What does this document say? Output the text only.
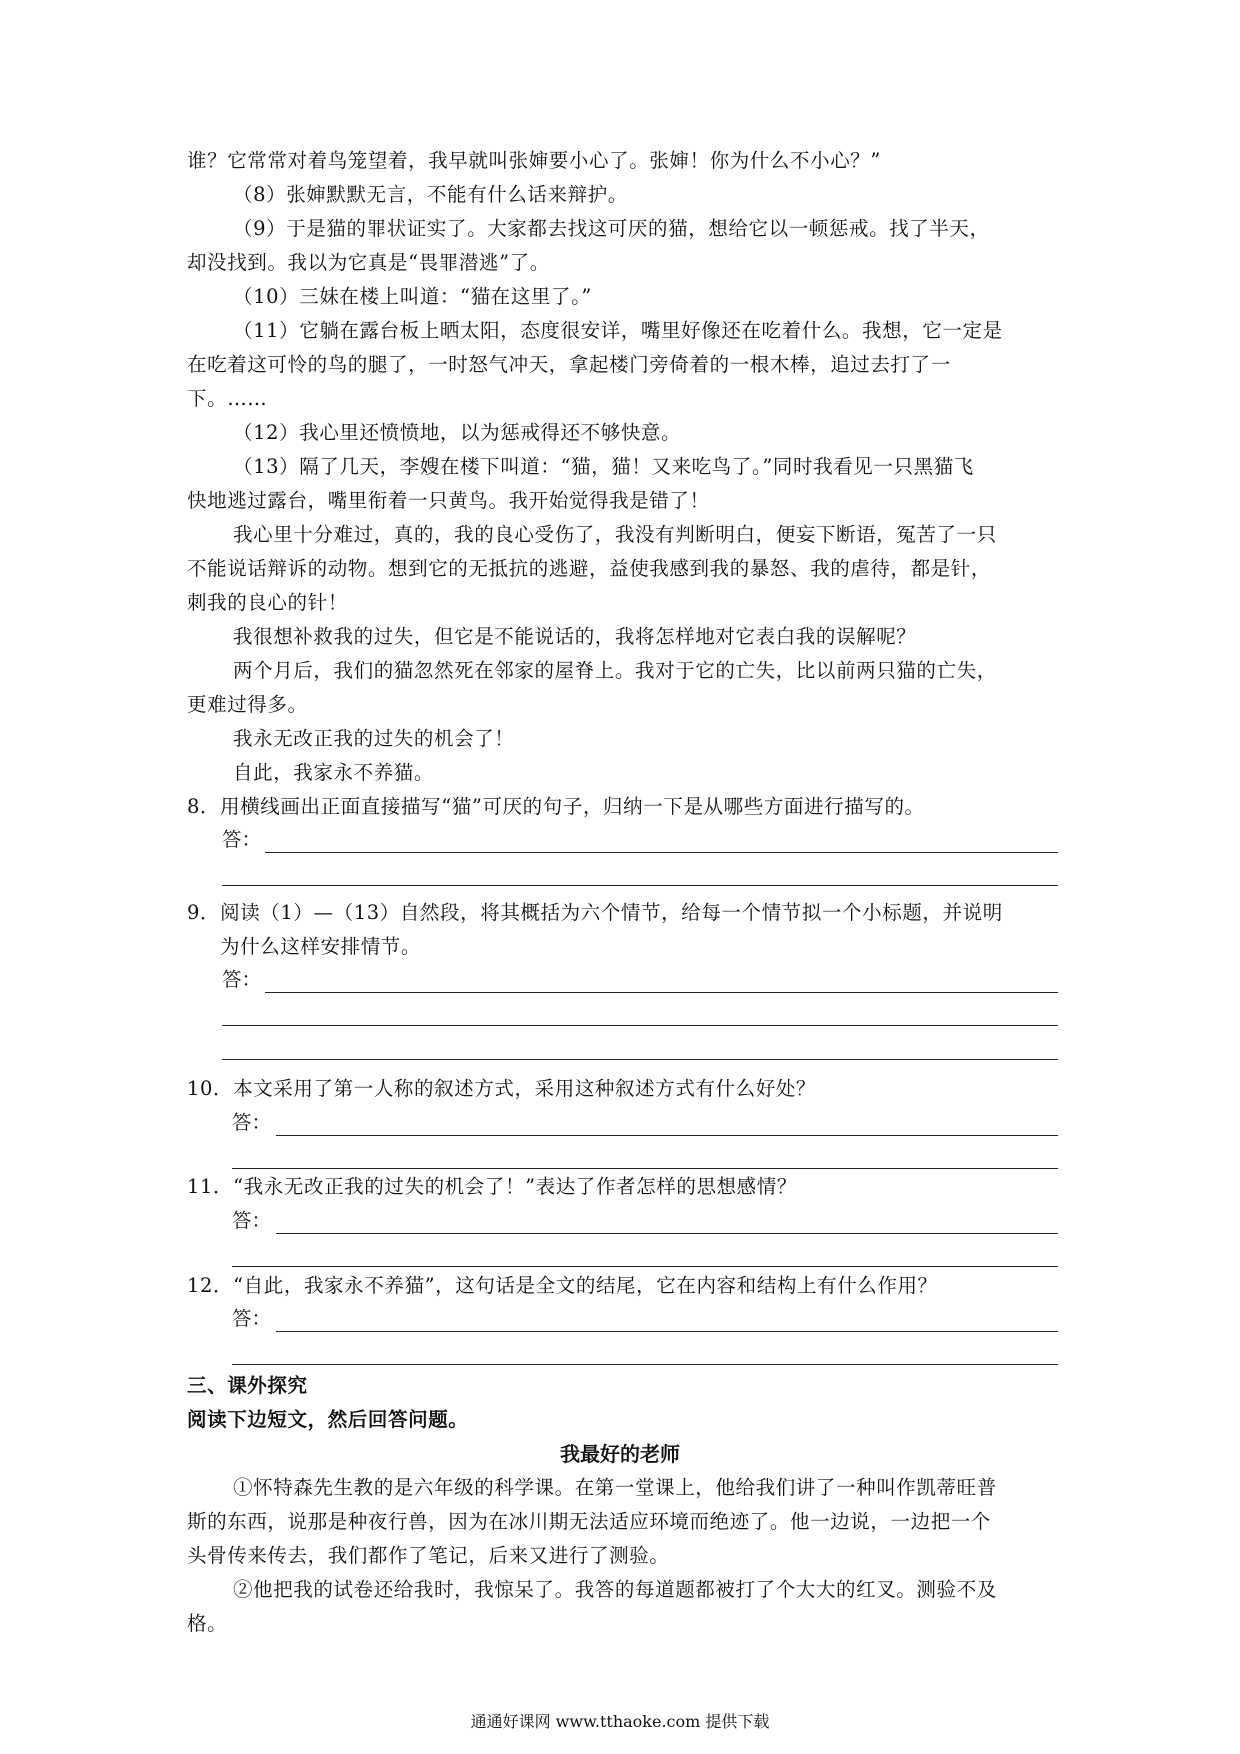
谁？它常常对着鸟笼望着，我早就叫张婶要小心了。张婶！你为什么不小心？”
（8）张婶默默无言，不能有什么话来辩护。
（9）于是猫的罪状证实了。大家都去找这可厌的猫，想给它以一顿惩戒。找了半天，
却没找到。我以为它真是“畏罪潜逃”了。
（10）三妹在楼上叫道：“猫在这里了。”
（11）它躺在露台板上晒太阳，态度很安详，嘴里好像还在吃着什么。我想，它一定是
在吃着这可怜的鸟的腿了，一时怒气冲天，拿起楼门旁倚着的一根木棒，追过去打了一
下。……
（12）我心里还愤愤地，以为惩戒得还不够快意。
（13）隔了几天，李嫂在楼下叫道：“猫，猫！又来吃鸟了。”同时我看见一只黑猫飞
快地逃过露台，嘴里衔着一只黄鸟。我开始觉得我是错了！
我心里十分难过，真的，我的良心受伤了，我没有判断明白，便妄下断语，冤苦了一只
不能说话辩诉的动物。想到它的无抵抗的逃避，益使我感到我的暴怒、我的虐待，都是针，
刺我的良心的针！
我很想补救我的过失，但它是不能说话的，我将怎样地对它表白我的误解呢？
两个月后，我们的猫忽然死在邻家的屋脊上。我对于它的亡失，比以前两只猫的亡失，
更难过得多。
我永无改正我的过失的机会了！
自此，我家永不养猫。
8．用横线画出正面直接描写“猫”可厌的句子，归纳一下是从哪些方面进行描写的。
答：
9．阅读（1）—（13）自然段，将其概括为六个情节，给每一个情节拟一个小标题，并说明
为什么这样安排情节。
答：
10．本文采用了第一人称的叙述方式，采用这种叙述方式有什么好处？
答：
11．“我永无改正我的过失的机会了！”表达了作者怎样的思想感情？
答：
12．“自此，我家永不养猫”，这句话是全文的结尾，它在内容和结构上有什么作用？
答：
三、课外探究
阅读下边短文，然后回答问题。
我最好的老师
①怀特森先生教的是六年级的科学课。在第一堂课上，他给我们讲了一种叫作凯蒂旺普
斯的东西，说那是种夜行兽，因为在冰川期无法适应环境而绝迹了。他一边说，一边把一个
头骨传来传去，我们都作了笔记，后来又进行了测验。
②他把我的试卷还给我时，我惊呆了。我答的每道题都被打了个大大的红叉。测验不及
格。
通通好课网 www.tthaoke.com 提供下载
